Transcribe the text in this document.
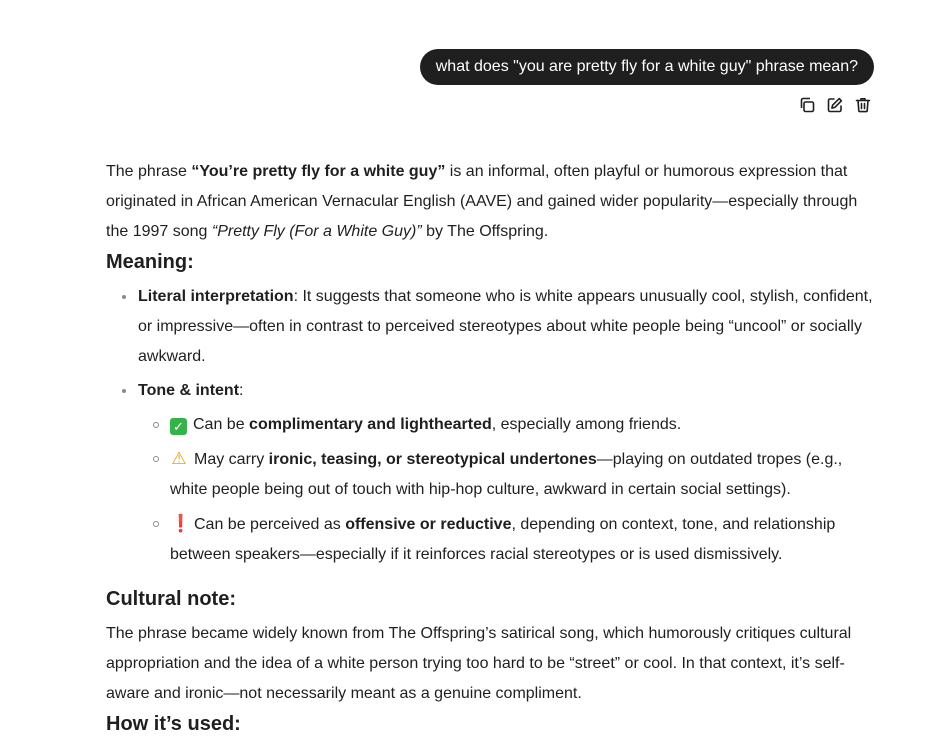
what does "you are pretty fly for a white guy" phrase mean?

The phrase “You’re pretty fly for a white guy” is an informal, often playful or humorous expression that originated in African American Vernacular English (AAVE) and gained wider popularity—especially through the 1997 song “Pretty Fly (For a White Guy)” by The Offspring.

Meaning:
Literal interpretation: It suggests that someone who is white appears unusually cool, stylish, confident, or impressive—often in contrast to perceived stereotypes about white people being “uncool” or socially awkward.
Tone & intent:
✓ Can be complimentary and lighthearted, especially among friends.
⚠ May carry ironic, teasing, or stereotypical undertones—playing on outdated tropes (e.g., white people being out of touch with hip-hop culture, awkward in certain social settings).
❗ Can be perceived as offensive or reductive, depending on context, tone, and relationship between speakers—especially if it reinforces racial stereotypes or is used dismissively.
Cultural note:

The phrase became widely known from The Offspring’s satirical song, which humorously critiques cultural appropriation and the idea of a white person trying too hard to be “street” or cool. In that context, it’s self-aware and ironic—not necessarily meant as a genuine compliment.

How it’s used:
